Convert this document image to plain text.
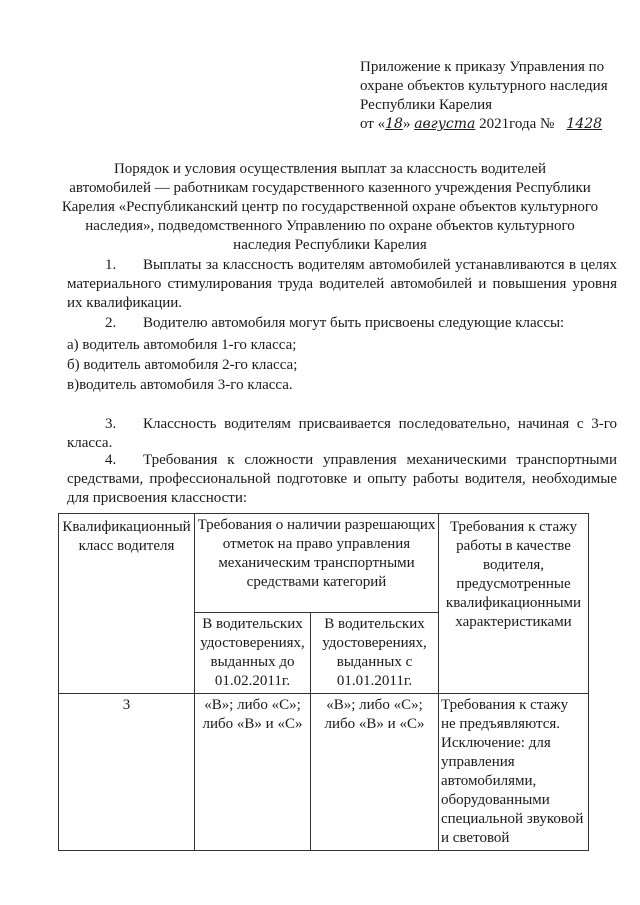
Приложение к приказу Управления по
охране объектов культурного наследия
Республики Карелия
от «18» августа 2021года № 1428
Порядок и условия осуществления выплат за классность водителей
автомобилей — работникам государственного казенного учреждения Республики
Карелия «Республиканский центр по государственной охране объектов культурного
наследия», подведомственного Управлению по охране объектов культурного
наследия Республики Карелия
1. Выплаты за классность водителям автомобилей устанавливаются в целях материального стимулирования труда водителей автомобилей и повышения уровня их квалификации.
2. Водителю автомобиля могут быть присвоены следующие классы:
а) водитель автомобиля 1-го класса;
б) водитель автомобиля 2-го класса;
в)водитель автомобиля 3-го класса.
3. Классность водителям присваивается последовательно, начиная с 3-го класса.
4. Требования к сложности управления механическими транспортными средствами, профессиональной подготовке и опыту работы водителя, необходимые для присвоения классности:
Квалификационный класс водителя	Требования о наличии разрешающих отметок на право управления механическим транспортными средствами категорий		Требования к стажу работы в качестве водителя, предусмотренные квалификационными характеристиками
	В водительских удостоверениях, выданных до 01.02.2011г.	В водительских удостоверениях, выданных с 01.01.2011г.	
3	«В»; либо «С»; либо «В» и «С»	«В»; либо «С»; либо «В» и «С»	Требования к стажу не предъявляются. Исключение: для управления автомобилями, оборудованными специальной звуковой и световой
